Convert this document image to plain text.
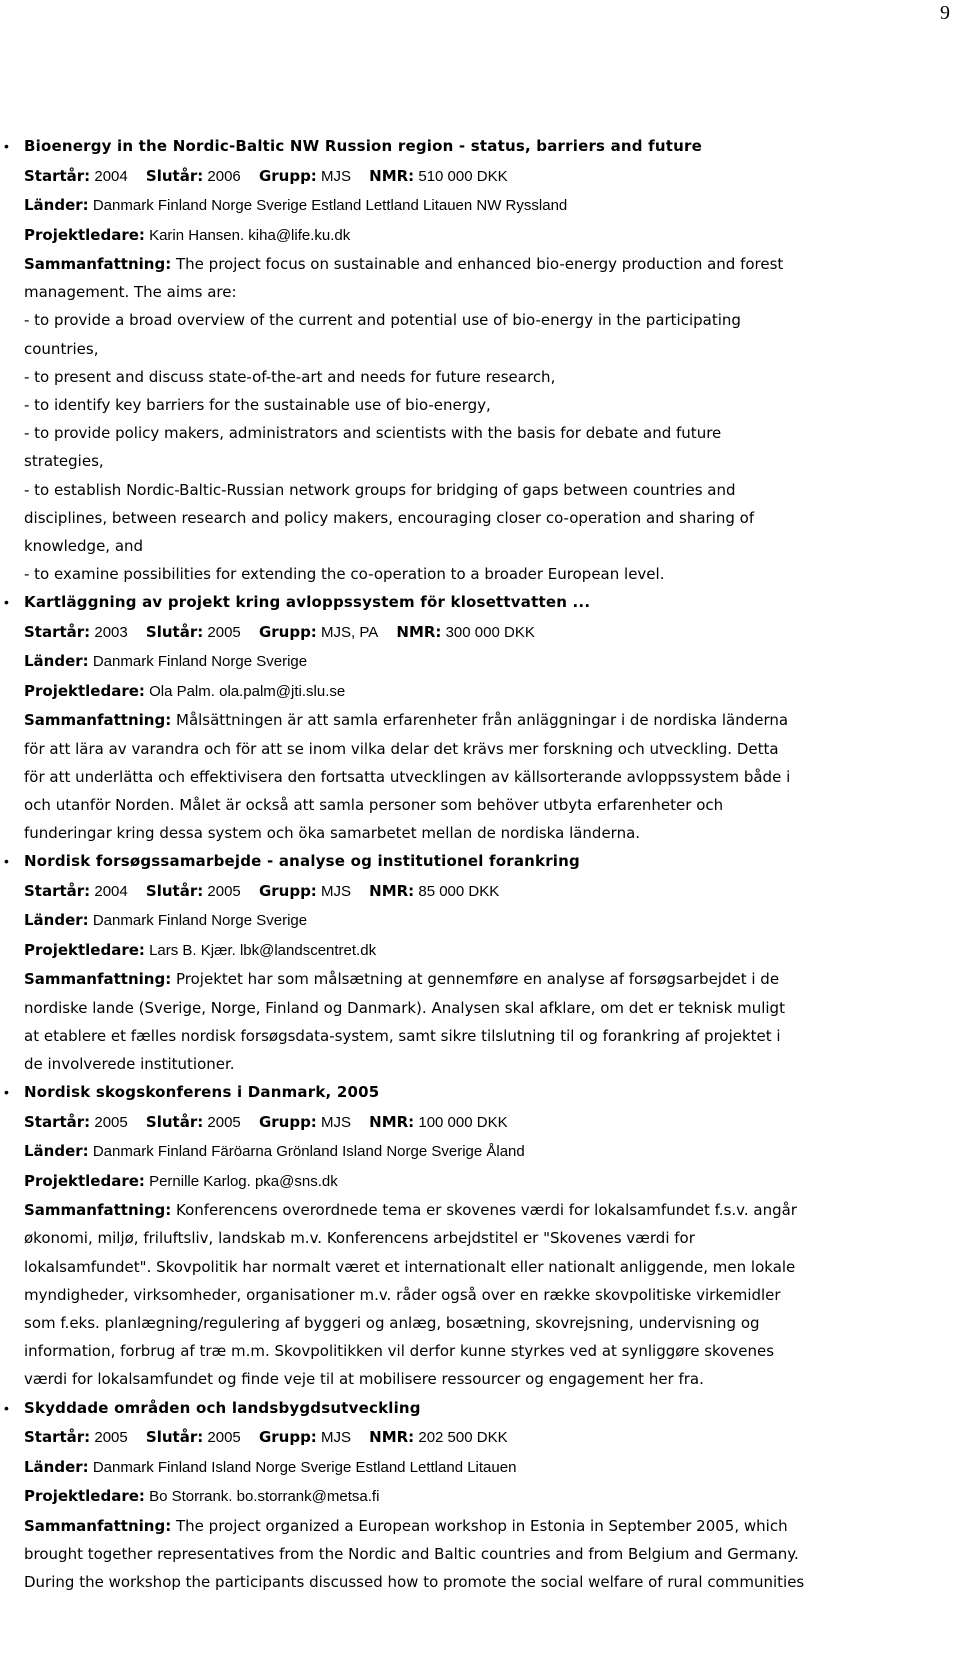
9
• Bioenergy in the Nordic-Baltic NW Russion region - status, barriers and future
Startår: 2004 Slutår: 2006 Grupp: MJS NMR: 510 000 DKK
Länder: Danmark Finland Norge Sverige Estland Lettland Litauen NW Ryssland
Projektledare: Karin Hansen. kiha@life.ku.dk

Sammanfattning: The project focus on sustainable and enhanced bio-energy production and forest
management. The aims are:
- to provide a broad overview of the current and potential use of bio-energy in the participating
countries,
- to present and discuss state-of-the-art and needs for future research,
- to identify key barriers for the sustainable use of bio-energy,
- to provide policy makers, administrators and scientists with the basis for debate and future
strategies,
- to establish Nordic-Baltic-Russian network groups for bridging of gaps between countries and
disciplines, between research and policy makers, encouraging closer co-operation and sharing of
knowledge, and
- to examine possibilities for extending the co-operation to a broader European level.

• Kartläggning av projekt kring avloppssystem för klosettvatten ...
Startår: 2003 Slutår: 2005 Grupp: MJS, PA NMR: 300 000 DKK
Länder: Danmark Finland Norge Sverige
Projektledare: Ola Palm. ola.palm@jti.slu.se

Sammanfattning: Målsättningen är att samla erfarenheter från anläggningar i de nordiska länderna
för att lära av varandra och för att se inom vilka delar det krävs mer forskning och utveckling. Detta
för att underlätta och effektivisera den fortsatta utvecklingen av källsorterande avloppssystem både i
och utanför Norden. Målet är också att samla personer som behöver utbyta erfarenheter och
funderingar kring dessa system och öka samarbetet mellan de nordiska länderna.

• Nordisk forsøgssamarbejde - analyse og institutionel forankring
Startår: 2004 Slutår: 2005 Grupp: MJS NMR: 85 000 DKK
Länder: Danmark Finland Norge Sverige
Projektledare: Lars B. Kjær. lbk@landscentret.dk

Sammanfattning: Projektet har som målsætning at gennemføre en analyse af forsøgsarbejdet i de
nordiske lande (Sverige, Norge, Finland og Danmark). Analysen skal afklare, om det er teknisk muligt
at etablere et fælles nordisk forsøgsdata-system, samt sikre tilslutning til og forankring af projektet i
de involverede institutioner.

• Nordisk skogskonferens i Danmark, 2005
Startår: 2005 Slutår: 2005 Grupp: MJS NMR: 100 000 DKK
Länder: Danmark Finland Färöarna Grönland Island Norge Sverige Åland
Projektledare: Pernille Karlog. pka@sns.dk

Sammanfattning: Konferencens overordnede tema er skovenes værdi for lokalsamfundet f.s.v. angår
økonomi, miljø, friluftsliv, landskab m.v. Konferencens arbejdstitel er "Skovenes værdi for
lokalsamfundet". Skovpolitik har normalt været et internationalt eller nationalt anliggende, men lokale
myndigheder, virksomheder, organisationer m.v. råder også over en række skovpolitiske virkemidler
som f.eks. planlægning/regulering af byggeri og anlæg, bosætning, skovrejsning, undervisning og
information, forbrug af træ m.m. Skovpolitikken vil derfor kunne styrkes ved at synliggøre skovenes
værdi for lokalsamfundet og finde veje til at mobilisere ressourcer og engagement her fra.

• Skyddade områden och landsbygdsutveckling
Startår: 2005 Slutår: 2005 Grupp: MJS NMR: 202 500 DKK
Länder: Danmark Finland Island Norge Sverige Estland Lettland Litauen
Projektledare: Bo Storrank. bo.storrank@metsa.fi

Sammanfattning: The project organized a European workshop in Estonia in September 2005, which
brought together representatives from the Nordic and Baltic countries and from Belgium and Germany.
During the workshop the participants discussed how to promote the social welfare of rural communities
